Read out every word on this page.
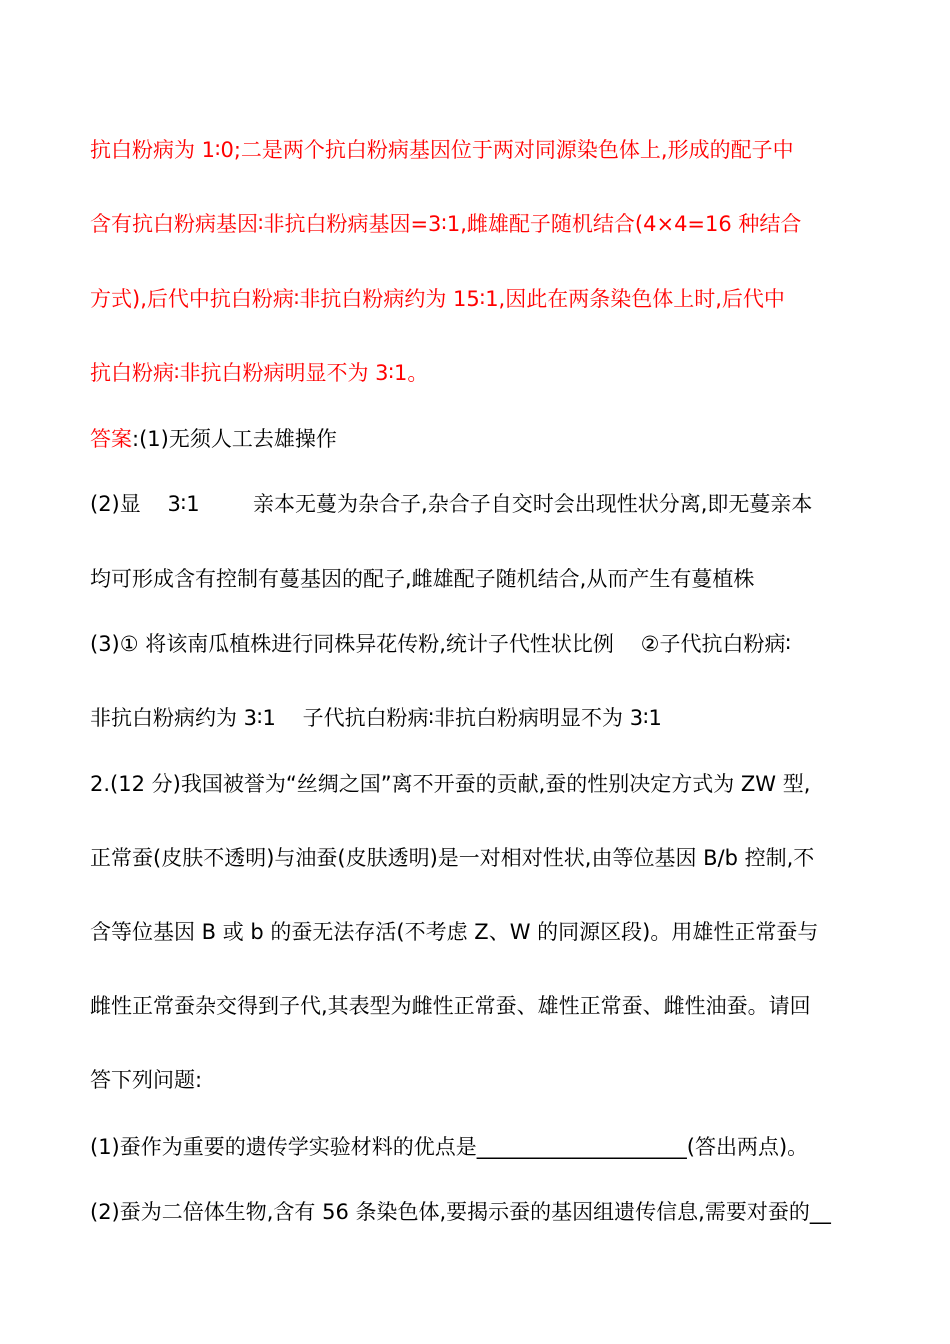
抗白粉病为 1∶0;二是两个抗白粉病基因位于两对同源染色体上,形成的配子中
含有抗白粉病基因∶非抗白粉病基因=3∶1,雌雄配子随机结合(4×4=16 种结合
方式),后代中抗白粉病∶非抗白粉病约为 15∶1,因此在两条染色体上时,后代中
抗白粉病∶非抗白粉病明显不为 3∶1。
答案:(1)无须人工去雄操作
(2)显    3∶1        亲本无蔓为杂合子,杂合子自交时会出现性状分离,即无蔓亲本
均可形成含有控制有蔓基因的配子,雌雄配子随机结合,从而产生有蔓植株
(3)① 将该南瓜植株进行同株异花传粉,统计子代性状比例    ②子代抗白粉病∶
非抗白粉病约为 3∶1    子代抗白粉病∶非抗白粉病明显不为 3∶1
2.(12 分)我国被誉为“丝绸之国”离不开蚕的贡献,蚕的性别决定方式为 ZW 型,
正常蚕(皮肤不透明)与油蚕(皮肤透明)是一对相对性状,由等位基因 B/b 控制,不
含等位基因 B 或 b 的蚕无法存活(不考虑 Z、W 的同源区段)。用雄性正常蚕与
雌性正常蚕杂交得到子代,其表型为雌性正常蚕、雄性正常蚕、雌性油蚕。请回
答下列问题:
(1)蚕作为重要的遗传学实验材料的优点是____________________(答出两点)。
(2)蚕为二倍体生物,含有 56 条染色体,要揭示蚕的基因组遗传信息,需要对蚕的__
